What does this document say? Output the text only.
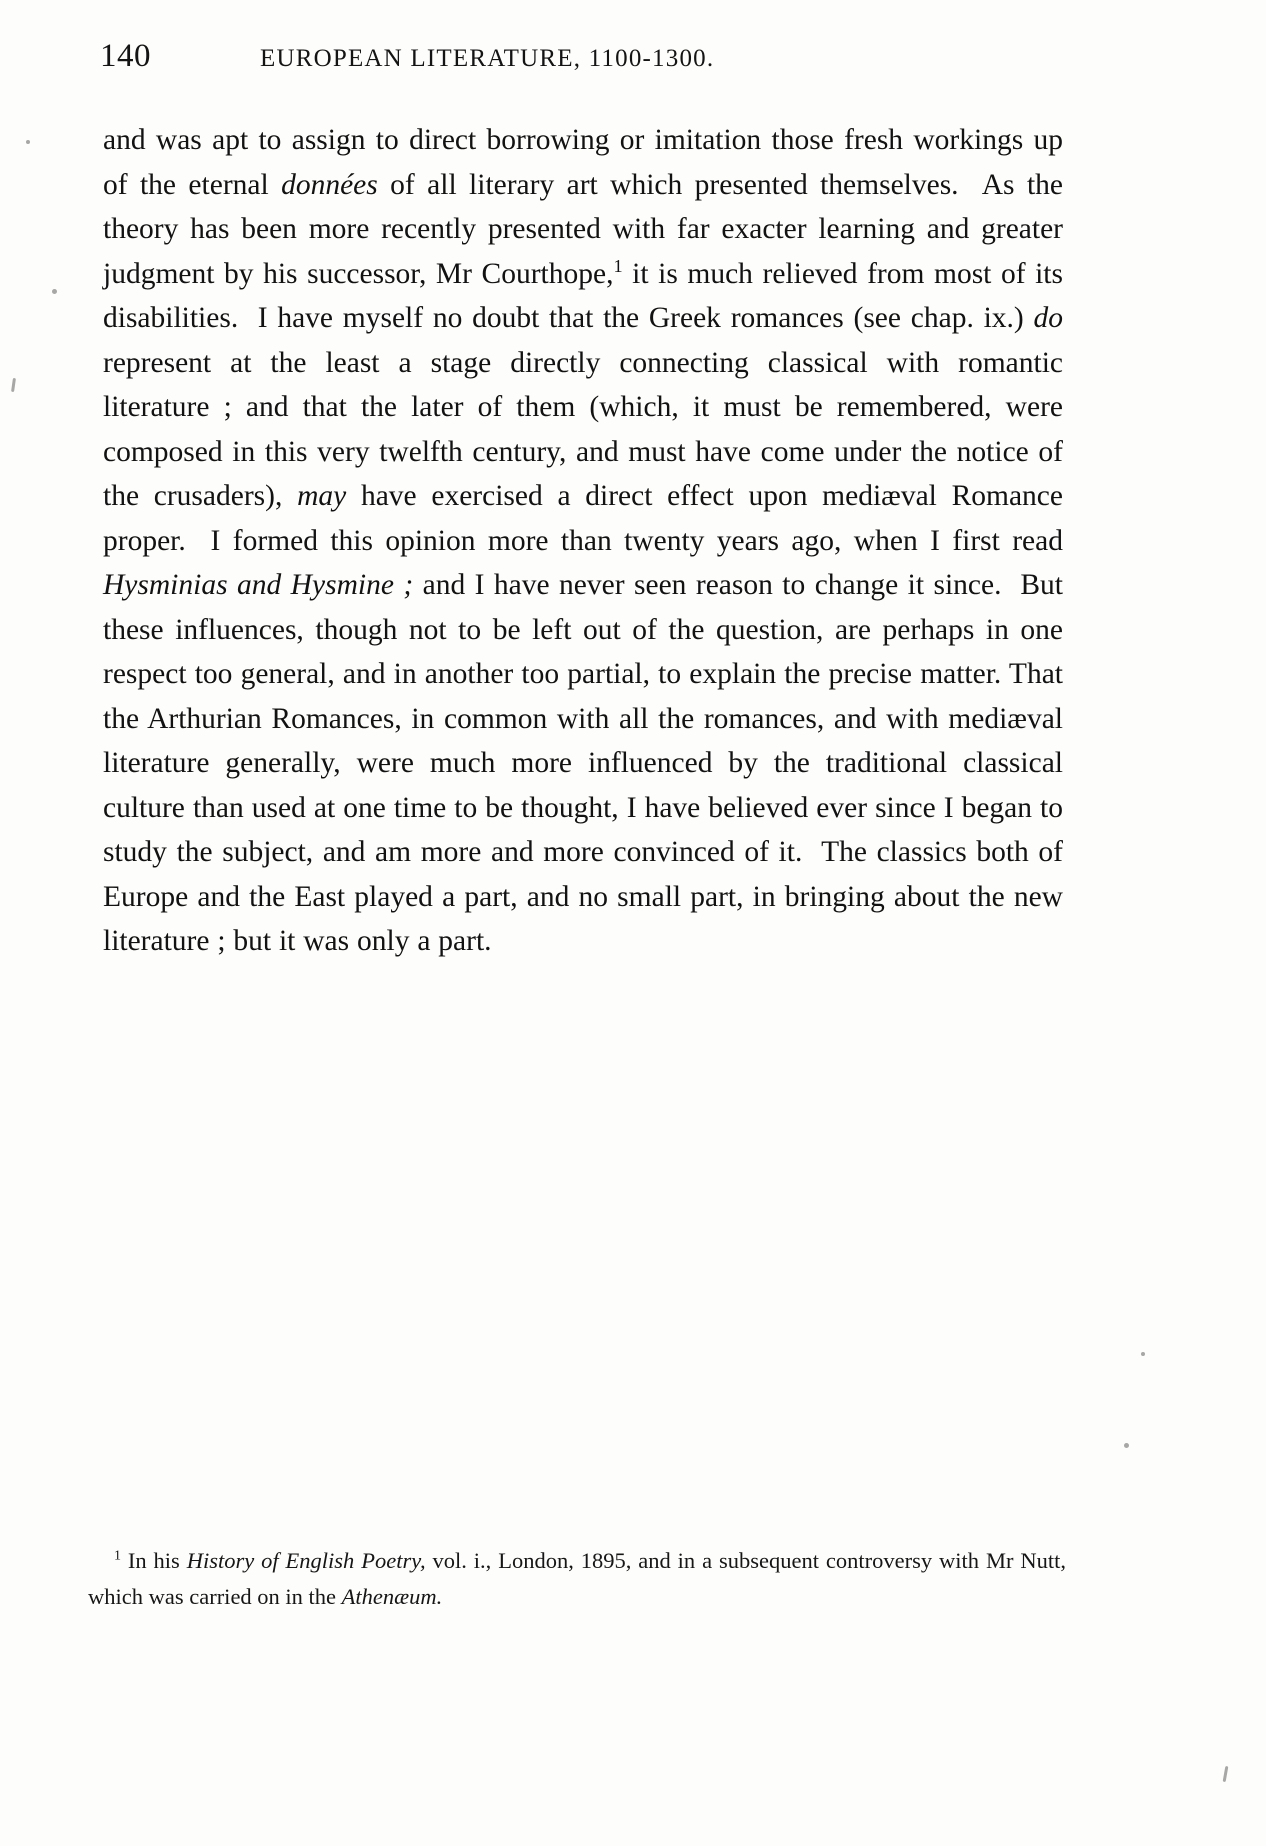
140	EUROPEAN LITERATURE, 1100-1300.

and was apt to assign to direct borrowing or imitation those fresh workings up of the eternal données of all literary art which presented themselves.  As the theory has been more recently presented with far exacter learning and greater judgment by his successor, Mr Courthope,$^1$ it is much relieved from most of its disabilities.  I have myself no doubt that the Greek romances (see chap. ix.) do represent at the least a stage directly connecting classical with romantic literature ; and that the later of them (which, it must be remembered, were composed in this very twelfth century, and must have come under the notice of the crusaders), may have exercised a direct effect upon mediæval Romance proper.  I formed this opinion more than twenty years ago, when I first read Hysminias and Hysmine ; and I have never seen reason to change it since.  But these influences, though not to be left out of the question, are perhaps in one respect too general, and in another too partial, to explain the precise matter. That the Arthurian Romances, in common with all the romances, and with mediæval literature generally, were much more influenced by the traditional classical culture than used at one time to be thought, I have believed ever since I began to study the subject, and am more and more convinced of it.  The classics both of Europe and the East played a part, and no small part, in bringing about the new literature ; but it was only a part.

$^1$ In his History of English Poetry, vol. i., London, 1895, and in a subsequent controversy with Mr Nutt, which was carried on in the Athenæum.
